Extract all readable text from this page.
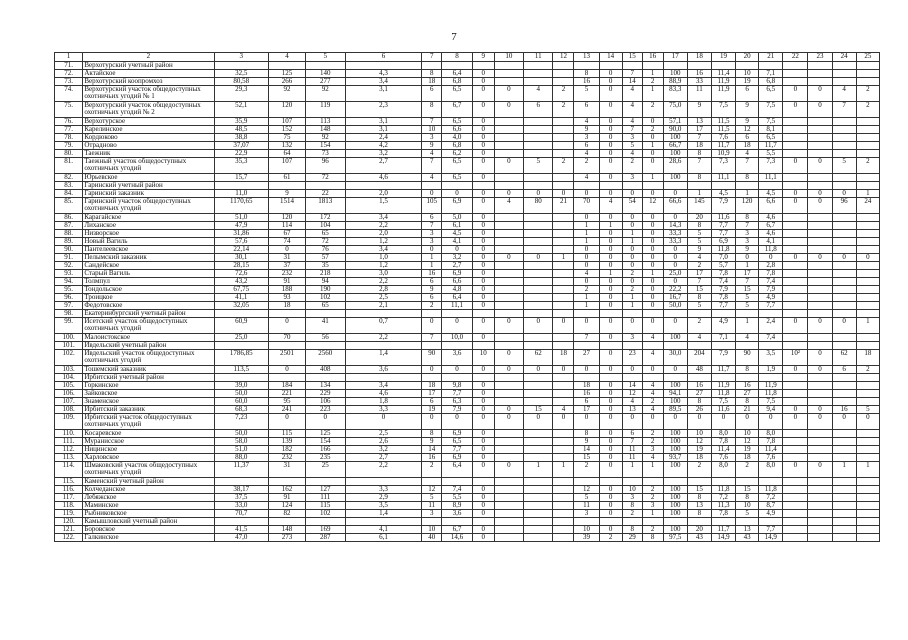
7
1	2	3	4	5	6	7	8	9	10	11	12	13	14	15	16	17	18	19	20	21	22	23	24	25
71.	Верхотурский учетный район																							
72.	Актайское	32,5	125	140	4,3	8	6,4	0				8	0	7	1	100	16	11,4	10	7,1				
73.	Верхотурский коопромхоз	80,58	266	277	3,4	18	6,8	0				16	0	14	2	88,9	33	11,9	19	6,8				
74.	Верхотурский участок общедоступных охотничьих угодий № 1	29,3	92	92	3,1	6	6,5	0	0	4	2	5	0	4	1	83,3	11	11,9	6	6,5	0	0	4	2
75.	Верхотурский участок общедоступных охотничьих угодий № 2	52,1	120	119	2,3	8	6,7	0	0	6	2	6	0	4	2	75,0	9	7,5	9	7,5	0	0	7	2
76.	Верхотурское	35,9	107	113	3,1	7	6,5	0				4	0	4	0	57,1	13	11,5	9	7,5				
77.	Карелинское	48,5	152	148	3,1	10	6,6	0				9	0	7	2	90,0	17	11,5	12	8,1				
78.	Кордюково	38,8	75	92	2,4	3	4,0	0				3	0	3	0	100	7	7,6	6	6,5				
79.	Отрадново	37,07	132	154	4,2	9	6,8	0				6	0	5	1	66,7	18	11,7	18	11,7				
80.	Таежник	22,9	64	73	3,2	4	6,2	0				4	0	4	0	100	8	10,9	4	5,5				
81.	Таежный участок общедоступных охотничьих угодий	35,3	107	96	2,7	7	6,5	0	0	5	2	2	0	2	0	28,6	7	7,3	7	7,3	0	0	5	2
82.	Юрьевское	15,7	61	72	4,6	4	6,5	0				4	0	3	1	100	8	11,1	8	11,1				
83.	Гаринский учетный район																							
84.	Гаринский заказник	11,0	9	22	2,0	0	0	0	0	0	0	0	0	0	0	0	1	4,5	1	4,5	0	0	0	1
85.	Гаринский участок общедоступных охотничьих угодий	1170,65	1514	1813	1,5	105	6,9	0	4	80	21	70	4	54	12	66,6	145	7,9	120	6,6	0	0	96	24
86.	Карагайское	51,0	120	172	3,4	6	5,0	0				0	0	0	0	0	20	11,6	8	4,6				
87.	Лиханское	47,9	114	104	2,2	7	6,1	0				1	1	0	0	14,3	8	7,7	7	6,7				
88.	Низворское	31,86	67	65	2,0	3	4,5	0				1	0	1	0	33,3	5	7,7	3	4,6				
89.	Новый Вагиль	57,6	74	72	1,2	3	4,1	0				1	0	1	0	33,3	5	6,9	3	4,1				
90.	Пантелеевское	22,14	0	76	3,4	0	0	0				0	0	0	0	0	9	11,8	9	11,8				
91.	Пелымский заказник	30,1	31	57	1,0	1	3,2	0	0	0	1	0	0	0	0	0	4	7,0	0	0	0	0	0	0
92.	Сандейское	28,15	37	35	1,2	1	2,7	0				0	0	0	0	0	2	5,7	1	2,8				
93.	Старый Вагиль	72,6	232	218	3,0	16	6,9	0				4	1	2	1	25,0	17	7,8	17	7,8				
94.	Толмпул	43,2	91	94	2,2	6	6,6	0				0	0	0	0	0	7	7,4	7	7,4				
95.	Тондольское	67,75	188	190	2,8	9	4,8	0				2	0	2	0	22,2	15	7,9	15	7,9				
96.	Троицкое	41,1	93	102	2,5	6	6,4	0				1	0	1	0	16,7	8	7,8	5	4,9				
97.	Федотовское	32,05	18	65	2,1	2	11,1	0				1	0	1	0	50,0	5	7,7	5	7,7				
98.	Екатеринбургский учетный район																							
99.	Исетский участок общедоступных охотничьих угодий	60,9	0	41	0,7	0	0	0	0	0	0	0	0	0	0	0	2	4,9	1	2,4	0	0	0	1
100.	Малоистокское	25,0	70	56	2,2	7	10,0	0				7	0	3	4	100	4	7,1	4	7,4				
101.	Ивдельский учетный район																							
102.	Ивдельский участок общедоступных охотничьих угодий	1786,85	2501	2560	1,4	90	3,6	10	0	62	18	27	0	23	4	30,0	204	7,9	90	3,5	10²	0	62	18
103.	Тошемский заказник	113,5	0	408	3,6	0	0	0	0	0	0	0	0	0	0	0	48	11,7	8	1,9	0	0	6	2
104.	Ирбитский учетный район																							
105.	Горкинское	39,0	184	134	3,4	18	9,8	0				18	0	14	4	100	16	11,9	16	11,9				
106.	Зайковское	50,0	221	229	4,6	17	7,7	0				16	0	12	4	94,1	27	11,8	27	11,8				
107.	Знаменское	60,0	95	106	1,8	6	6,3	0				6	0	4	2	100	8	7,5	8	7,5				
108.	Ирбитский заказник	68,3	241	223	3,3	19	7,9	0	0	15	4	17	0	13	4	89,5	26	11,6	21	9,4	0	0	16	5
109.	Ирбитский участок общедоступных охотничьих угодий	7,23	0	0	0	0	0	0	0	0	0	0	0	0	0	0	0	0	0	0	0	0	0	0
110.	Косаревское	50,0	115	125	2,5	8	6,9	0				8	0	6	2	100	10	8,0	10	8,0				
111.	Муранисское	58,0	139	154	2,6	9	6,5	0				9	0	7	2	100	12	7,8	12	7,8				
112.	Ницинское	51,0	182	166	3,2	14	7,7	0				14	0	11	3	100	19	11,4	19	11,4				
113.	Харловское	88,0	232	235	2,7	16	6,9	0				15	0	11	4	93,7	18	7,6	18	7,6				
114.	Шмаковский участок общедоступных охотничьих угодий	11,37	31	25	2,2	2	6,4	0	0	1	1	2	0	1	1	100	2	8,0	2	8,0	0	0	1	1
115.	Каменский учетный район																							
116.	Колчеданское	38,17	162	127	3,3	12	7,4	0				12	0	10	2	100	15	11,8	15	11,8				
117.	Лебяжское	37,5	91	111	2,9	5	5,5	0				5	0	3	2	100	8	7,2	8	7,2				
118.	Маминское	33,0	124	115	3,5	11	8,9	0				11	0	8	3	100	13	11,3	10	8,7				
119.	Рыбниковское	70,7	82	102	1,4	3	3,6	0				3	0	2	1	100	8	7,8	5	4,9				
120.	Камышловский учетный район																							
121.	Боровское	41,5	148	169	4,1	10	6,7	0				10	0	8	2	100	20	11,7	13	7,7				
122.	Галкинское	47,0	273	287	6,1	40	14,6	0				39	2	29	8	97,5	43	14,9	43	14,9				
